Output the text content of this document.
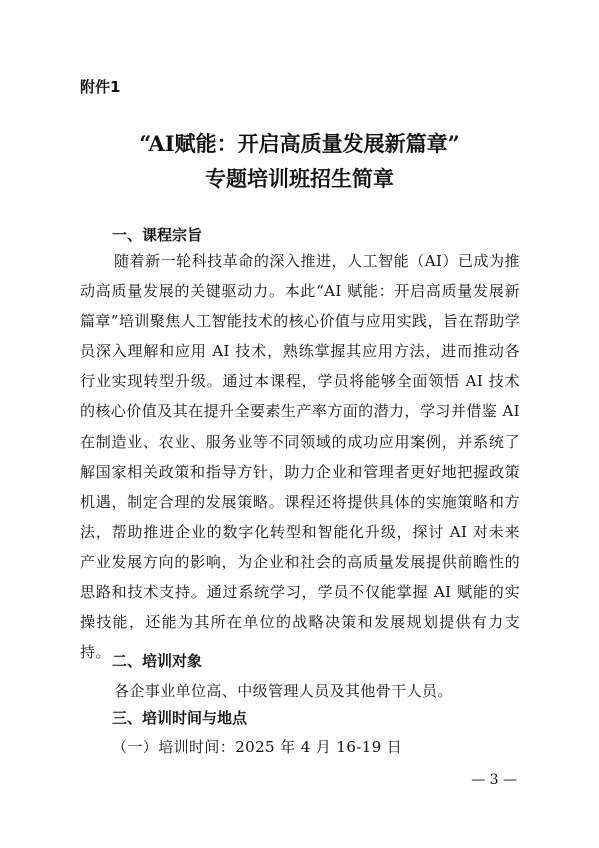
附件1
“AI赋能：开启高质量发展新篇章”
专题培训班招生简章
一、课程宗旨
随着新一轮科技革命的深入推进，人工智能（AI）已成为推动高质量发展的关键驱动力。本此“AI 赋能：开启高质量发展新篇章”培训聚焦人工智能技术的核心价值与应用实践，旨在帮助学员深入理解和应用 AI 技术，熟练掌握其应用方法，进而推动各行业实现转型升级。通过本课程，学员将能够全面领悟 AI 技术的核心价值及其在提升全要素生产率方面的潜力，学习并借鉴 AI 在制造业、农业、服务业等不同领域的成功应用案例，并系统了解国家相关政策和指导方针，助力企业和管理者更好地把握政策机遇，制定合理的发展策略。课程还将提供具体的实施策略和方法，帮助推进企业的数字化转型和智能化升级，探讨 AI 对未来产业发展方向的影响，为企业和社会的高质量发展提供前瞻性的思路和技术支持。通过系统学习，学员不仅能掌握 AI 赋能的实操技能，还能为其所在单位的战略决策和发展规划提供有力支持。 二、培训对象
各企事业单位高、中级管理人员及其他骨干人员。
三、培训时间与地点
（一）培训时间：2025 年 4 月 16-19 日
— 3 —
